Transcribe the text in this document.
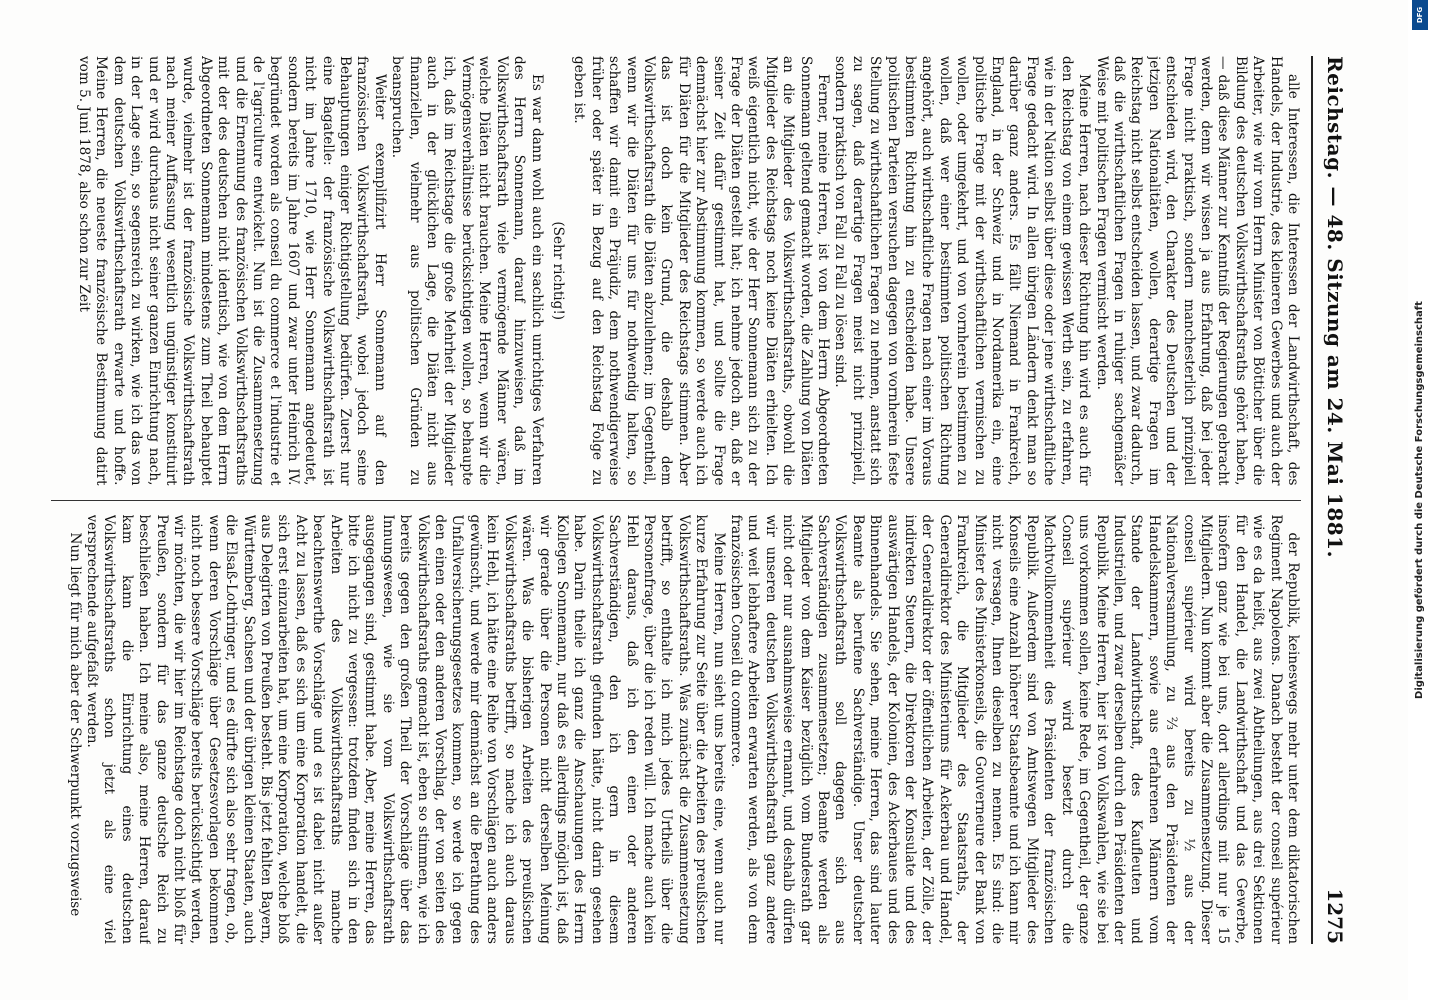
Reichstag. — 48. Sitzung am 24. Mai 1881.
1275

alle Interessen, die Interessen der Landwirthschaft, des Handels, der Industrie, des kleineren Gewerbes und auch der Arbeiter, wie wir vom Herrn Minister von Bötticher über die Bildung des deutschen Volkswirthschaftsraths gehört haben, — daß diese Männer zur Kenntniß der Regierungen gebracht werden, denn wir wissen ja aus Erfahrung, daß bei jeder Frage nicht praktisch, sondern manchesterlich prinzipiell entschieden wird, den Charakter des Deutschen und der jetzigen Nationalitäten, wollen, derartige Fragen im Reichstag nicht selbst entscheiden lassen, und zwar dadurch, daß die wirthschaftlichen Fragen in ruhiger sachgemäßer Weise mit politischen Fragen vermischt werden.

Meine Herren, nach dieser Richtung hin wird es auch für den Reichstag von einem gewissen Werth sein, zu erfahren, wie in der Nation selbst über diese oder jene wirthschaftliche Frage gedacht wird. In allen übrigen Ländern denkt man so darüber ganz anders. Es fällt Niemand in Frankreich, England, in der Schweiz und in Nordamerika ein, eine politische Frage mit der wirthschaftlichen vermischen zu wollen, oder umgekehrt, und von vornherein bestimmen zu wollen, daß wer einer bestimmten politischen Richtung angehört, auch wirthschaftliche Fragen nach einer im Voraus bestimmten Richtung hin zu entscheiden habe. Unsere politischen Parteien versuchen dagegen von vornherein feste Stellung zu wirthschaftlichen Fragen zu nehmen, anstatt sich zu sagen, daß derartige Fragen meist nicht prinzipiell, sondern praktisch von Fall zu Fall zu lösen sind.

Ferner, meine Herren, ist von dem Herrn Abgeordneten Sonnemann geltend gemacht worden, die Zahlung von Diäten an die Mitglieder des Volkswirthschaftsraths, obwohl die Mitglieder des Reichstags noch keine Diäten erhielten. Ich weiß eigentlich nicht, wie der Herr Sonnemann sich zu der Frage der Diäten gestellt hat; ich nehme jedoch an, daß er seiner Zeit dafür gestimmt hat, und sollte die Frage demnächst hier zur Abstimmung kommen, so werde auch ich für Diäten für die Mitglieder des Reichstags stimmen. Aber das ist doch kein Grund, die deshalb dem Volkswirthschaftsrath die Diäten abzulehnen; im Gegentheil, wenn wir die Diäten für uns für nothwendig halten, so schaffen wir damit ein Präjudiz, dem nothwendigerweise früher oder später in Bezug auf den Reichstag Folge zu geben ist.

(Sehr richtig!)

Es war dann wohl auch ein sachlich unrichtiges Verfahren des Herrn Sonnemann, darauf hinzuweisen, daß im Volkswirthschaftsrath viele vermögende Männer wären, welche Diäten nicht brauchen. Meine Herren, wenn wir die Vermögensverhältnisse berücksichtigen wollen, so behaupte ich, daß im Reichstage die große Mehrheit der Mitglieder auch in der glücklichen Lage, die Diäten nicht aus finanziellen, vielmehr aus politischen Gründen zu beanspruchen.

Weiter exemplifizirt Herr Sonnemann auf den französischen Volkswirthschaftsrath, wobei jedoch seine Behauptungen einiger Richtigstellung bedürfen. Zuerst nur eine Bagatelle: der französische Volkswirthschaftsrath ist nicht im Jahre 1710, wie Herr Sonnemann angedeutet, sondern bereits im Jahre 1607 und zwar unter Heinrich IV. begründet worden als conseil du commerce et l'industrie et de l'agriculture entwickelt. Nun ist die Zusammensetzung und die Ernennung des französischen Volkswirthschaftsraths mit der des deutschen nicht identisch, wie von dem Herrn Abgeordneten Sonnemann mindestens zum Theil behauptet wurde, vielmehr ist der französische Volkswirthschaftsrath nach meiner Auffassung wesentlich ungünstiger konstituirt und er wird durchaus nicht seiner ganzen Einrichtung nach, in der Lage sein, so segensreich zu wirken, wie ich das von dem deutschen Volkswirthschaftsrath erwarte und hoffe. Meine Herren, die neueste französische Bestimmung datirt vom 5. Juni 1878, also schon zur Zeit

der Republik, keineswegs mehr unter dem diktatorischen Regiment Napoleons. Danach besteht der conseil supérieur wie es da heißt, aus zwei Abtheilungen, aus drei Sektionen für den Handel, die Landwirthschaft und das Gewerbe, insofern ganz wie bei uns, dort allerdings mit nur je 15 Mitgliedern. Nun kommt aber die Zusammensetzung. Dieser conseil supérieur wird bereits zu ½ aus der Nationalversammlung, zu ⅔ aus den Präsidenten der Handelskammern, sowie aus erfahrenen Männern vom Stande der Landwirthschaft, des Kaufleuten und Industriellen, und zwar derselben durch den Präsidenten der Republik. Meine Herren, hier ist von Volkswahlen, wie sie bei uns vorkommen sollen, keine Rede, im Gegentheil, der ganze Conseil supérieur wird besetzt durch die Machtvollkommenheit des Präsidenten der französischen Republik. Außerdem sind von Amtswegen Mitglieder des Konseils eine Anzahl höherer Staatsbeamte und ich kann mir nicht versagen, Ihnen dieselben zu nennen. Es sind: die Minister des Ministerkonseils, die Gouverneure der Bank von Frankreich, die Mitglieder des Staatsraths, der Generaldirektor des Ministeriums für Ackerbau und Handel, der Generaldirektor der öffentlichen Arbeiten, der Zölle, der indirekten Steuern, die Direktoren der Konsulate und des auswärtigen Handels, der Kolonien, des Ackerbaues und des Binnenhandels. Sie sehen, meine Herren, das sind lauter Beamte als berufene Sachverständige. Unser deutscher Volkswirthschaftsrath soll dagegen sich aus Sachverständigen zusammensetzen; Beamte werden als Mitglieder von dem Kaiser bezüglich vom Bundesrath gar nicht oder nur ausnahmsweise ernannt, und deshalb dürfen wir unseren deutschen Volkswirthschaftsrath ganz andere und weit lebhaftere Arbeiten erwarten werden, als von dem französischen Conseil du commerce.

Meine Herren, nun sieht uns bereits eine, wenn auch nur kurze Erfahrung zur Seite über die Arbeiten des preußischen Volkswirthschaftsraths. Was zunächst die Zusammensetzung betrifft, so enthalte ich mich jedes Urtheils über die Personenfrage, über die ich reden will. Ich mache auch kein Hehl daraus, daß ich den einen oder anderen Sachverständigen, den ich gern in diesem Volkswirthschaftsrath gefunden hätte, nicht darin gesehen habe. Darin theile ich ganz die Anschauungen des Herrn Kollegen Sonnemann, nur daß es allerdings möglich ist, daß wir gerade über die Personen nicht derselben Meinung wären. Was die bisherigen Arbeiten des preußischen Volkswirthschaftsraths betrifft, so mache ich auch daraus kein Hehl, ich hätte eine Reihe von Vorschlägen auch anders gewünscht, und werde mir demnächst an die Berathung des Unfallversicherungsgesetzes kommen, so werde ich gegen den einen oder den anderen Vorschlag, der von seiten des Volkswirthschaftsraths gemacht ist, eben so stimmen, wie ich bereits gegen den großen Theil der Vorschläge über das Innungswesen, wie sie vom Volkswirthschaftsrath ausgegangen sind, gestimmt habe. Aber, meine Herren, das bitte ich nicht zu vergessen: trotzdem finden sich in den Arbeiten des Volkswirthschaftsraths manche beachtenswerthe Vorschläge und es ist dabei nicht außer Acht zu lassen, daß es sich um eine Korporation handelt, die sich erst einzuarbeiten hat, um eine Korporation, welche bloß aus Delegirten von Preußen besteht. Bis jetzt fehlten Bayern, Württemberg, Sachsen und der übrigen kleinen Staaten, auch die Elsaß-Lothringer, und es dürfte sich also sehr fragen, ob, wenn deren Vorschläge über Gesetzesvorlagen bekommen nicht noch bessere Vorschläge bereits berücksichtigt werden, wir möchten, die wir hier im Reichstage doch nicht bloß für Preußen, sondern für das ganze deutsche Reich zu beschließen haben. Ich meine also, meine Herren, darauf kam kann die Einrichtung eines deutschen Volkswirthschaftsraths schon jetzt als eine viel versprechende aufgefaßt werden.

Nun liegt für mich aber der Schwerpunkt vorzugsweise

Digitalisierung gefördert durch die Deutsche Forschungsgemeinschaft
DFG
